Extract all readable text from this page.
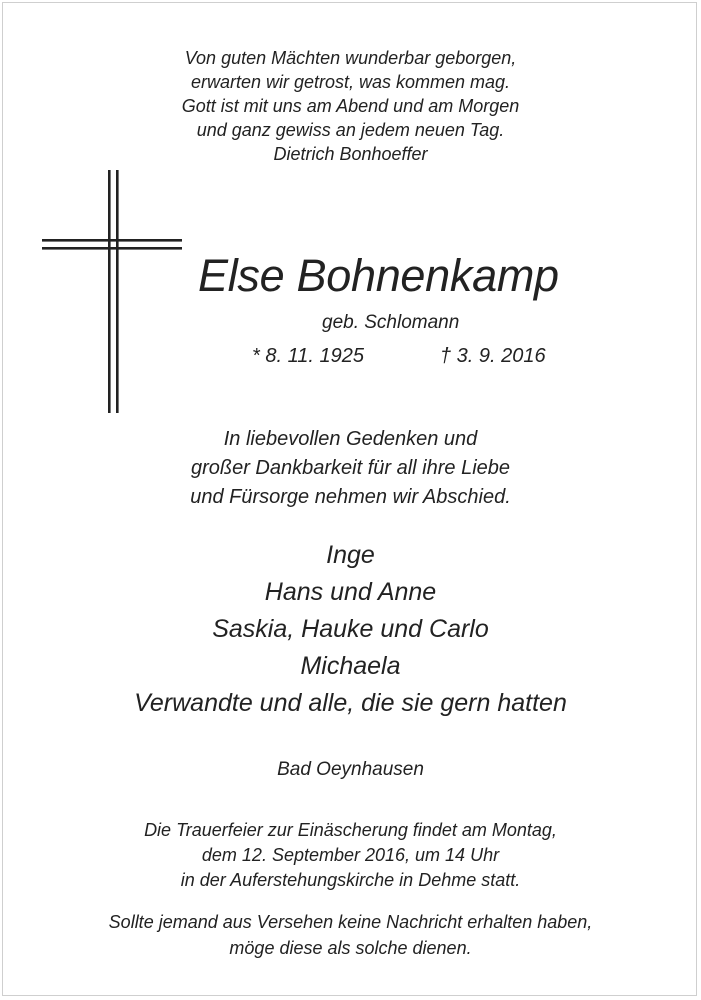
Von guten Mächten wunderbar geborgen,
erwarten wir getrost, was kommen mag.
Gott ist mit uns am Abend und am Morgen
und ganz gewiss an jedem neuen Tag.
Dietrich Bonhoeffer
Else Bohnenkamp
geb. Schlomann
* 8. 11. 1925	† 3. 9. 2016
In liebevollen Gedenken und
großer Dankbarkeit für all ihre Liebe
und Fürsorge nehmen wir Abschied.
Inge
Hans und Anne
Saskia, Hauke und Carlo
Michaela
Verwandte und alle, die sie gern hatten
Bad Oeynhausen
Die Trauerfeier zur Einäscherung findet am Montag,
dem 12. September 2016, um 14 Uhr
in der Auferstehungskirche in Dehme statt.
Sollte jemand aus Versehen keine Nachricht erhalten haben,
möge diese als solche dienen.
